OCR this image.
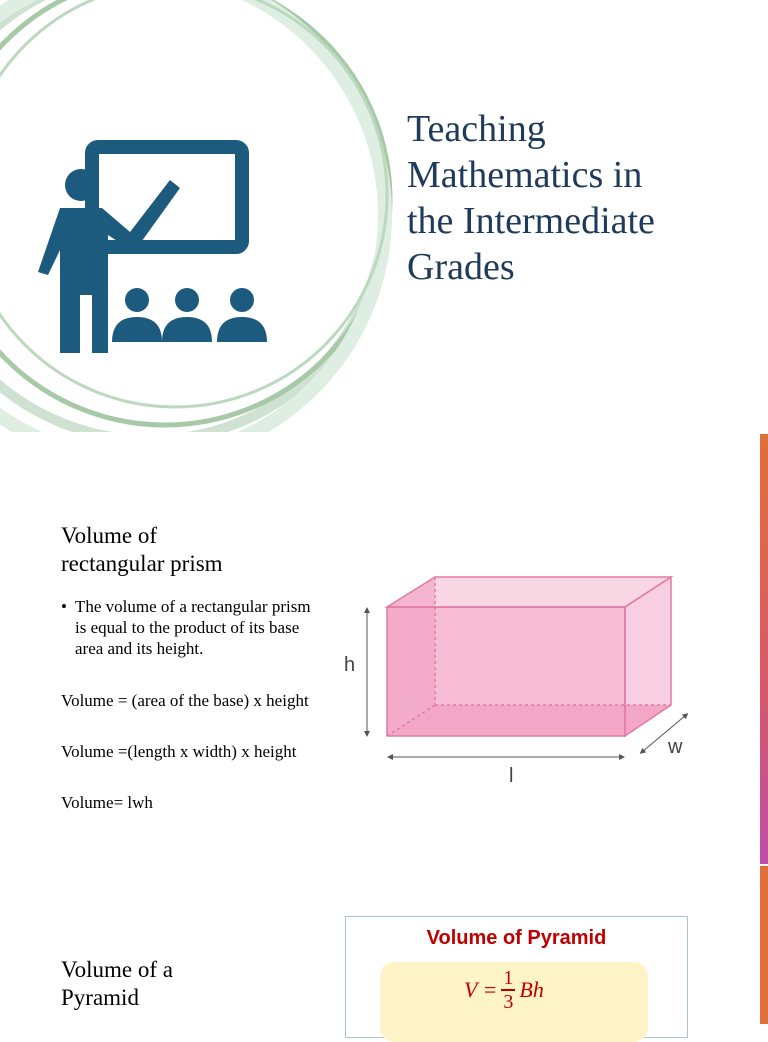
Teaching
Mathematics in
the Intermediate
Grades
Volume of
rectangular prism
• The volume of a rectangular prism is equal to the product of its base area and its height.

Volume = (area of the base) x height

Volume =(length x width) x height

Volume= lwh

h
l
w
Volume of a
Pyramid
Volume of Pyramid
$V = \frac{1}{3}$ Bh
